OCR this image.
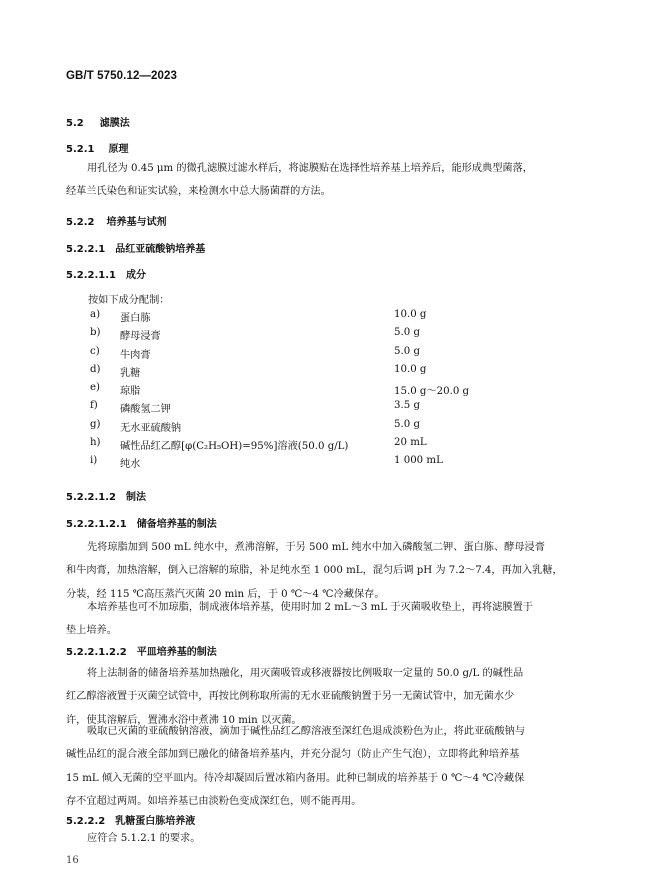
GB/T 5750.12—2023
5.2 滤膜法
5.2.1 原理
用孔径为 0.45 μm 的微孔滤膜过滤水样后，将滤膜贴在选择性培养基上培养后，能形成典型菌落，
经革兰氏染色和证实试验，来检测水中总大肠菌群的方法。
5.2.2 培养基与试剂
5.2.2.1 品红亚硫酸钠培养基
5.2.2.1.1 成分
按如下成分配制：
a) 蛋白胨	10.0 g
b) 酵母浸膏	5.0 g
c) 牛肉膏	5.0 g
d) 乳糖	10.0 g
e) 琼脂	15.0 g～20.0 g
f) 磷酸氢二钾	3.5 g
g) 无水亚硫酸钠	5.0 g
h) 碱性品红乙醇[φ(C₂H₅OH)=95%]溶液(50.0 g/L)	20 mL
i) 纯水	1 000 mL
5.2.2.1.2 制法
5.2.2.1.2.1 储备培养基的制法
先将琼脂加到 500 mL 纯水中，煮沸溶解，于另 500 mL 纯水中加入磷酸氢二钾、蛋白胨、酵母浸膏
和牛肉膏，加热溶解，倒入已溶解的琼脂，补足纯水至 1 000 mL，混匀后调 pH 为 7.2～7.4，再加入乳糖，
分装，经 115 ℃高压蒸汽灭菌 20 min 后，于 0 ℃～4 ℃冷藏保存。
本培养基也可不加琼脂，制成液体培养基，使用时加 2 mL～3 mL 于灭菌吸收垫上，再将滤膜置于
垫上培养。
5.2.2.1.2.2 平皿培养基的制法
将上法制备的储备培养基加热融化，用灭菌吸管或移液器按比例吸取一定量的 50.0 g/L 的碱性品
红乙醇溶液置于灭菌空试管中，再按比例称取所需的无水亚硫酸钠置于另一无菌试管中，加无菌水少
许，使其溶解后，置沸水浴中煮沸 10 min 以灭菌。
吸取已灭菌的亚硫酸钠溶液，滴加于碱性品红乙醇溶液至深红色退成淡粉色为止，将此亚硫酸钠与
碱性品红的混合液全部加到已融化的储备培养基内，并充分混匀（防止产生气泡），立即将此种培养基
15 mL 倾入无菌的空平皿内。待冷却凝固后置冰箱内备用。此种已制成的培养基于 0 ℃～4 ℃冷藏保
存不宜超过两周。如培养基已由淡粉色变成深红色，则不能再用。
5.2.2.2 乳糖蛋白胨培养液
应符合 5.1.2.1 的要求。
16
